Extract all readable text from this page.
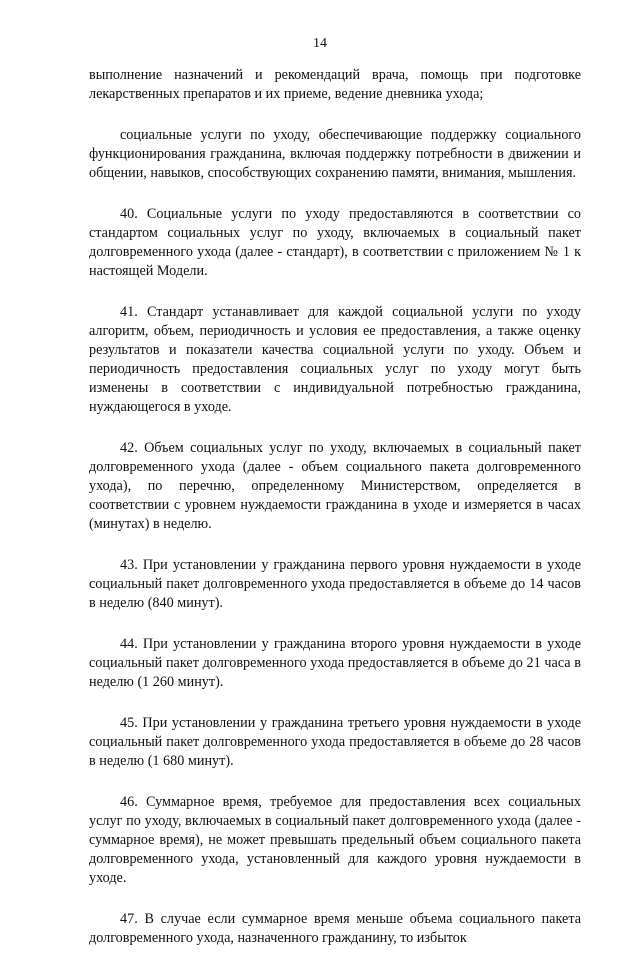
14

выполнение назначений и рекомендаций врача, помощь при подготовке лекарственных препаратов и их приеме, ведение дневника ухода;

социальные услуги по уходу, обеспечивающие поддержку социального функционирования гражданина, включая поддержку потребности в движении и общении, навыков, способствующих сохранению памяти, внимания, мышления.

40. Социальные услуги по уходу предоставляются в соответствии со стандартом социальных услуг по уходу, включаемых в социальный пакет долговременного ухода (далее - стандарт), в соответствии с приложением № 1 к настоящей Модели.

41. Стандарт устанавливает для каждой социальной услуги по уходу алгоритм, объем, периодичность и условия ее предоставления, а также оценку результатов и показатели качества социальной услуги по уходу. Объем и периодичность предоставления социальных услуг по уходу могут быть изменены в соответствии с индивидуальной потребностью гражданина, нуждающегося в уходе.

42. Объем социальных услуг по уходу, включаемых в социальный пакет долговременного ухода (далее - объем социального пакета долговременного ухода), по перечню, определенному Министерством, определяется в соответствии с уровнем нуждаемости гражданина в уходе и измеряется в часах (минутах) в неделю.

43. При установлении у гражданина первого уровня нуждаемости в уходе социальный пакет долговременного ухода предоставляется в объеме до 14 часов в неделю (840 минут).

44. При установлении у гражданина второго уровня нуждаемости в уходе социальный пакет долговременного ухода предоставляется в объеме до 21 часа в неделю (1 260 минут).

45. При установлении у гражданина третьего уровня нуждаемости в уходе социальный пакет долговременного ухода предоставляется в объеме до 28 часов в неделю (1 680 минут).

46. Суммарное время, требуемое для предоставления всех социальных услуг по уходу, включаемых в социальный пакет долговременного ухода (далее - суммарное время), не может превышать предельный объем социального пакета долговременного ухода, установленный для каждого уровня нуждаемости в уходе.

47. В случае если суммарное время меньше объема социального пакета долговременного ухода, назначенного гражданину, то избыток
